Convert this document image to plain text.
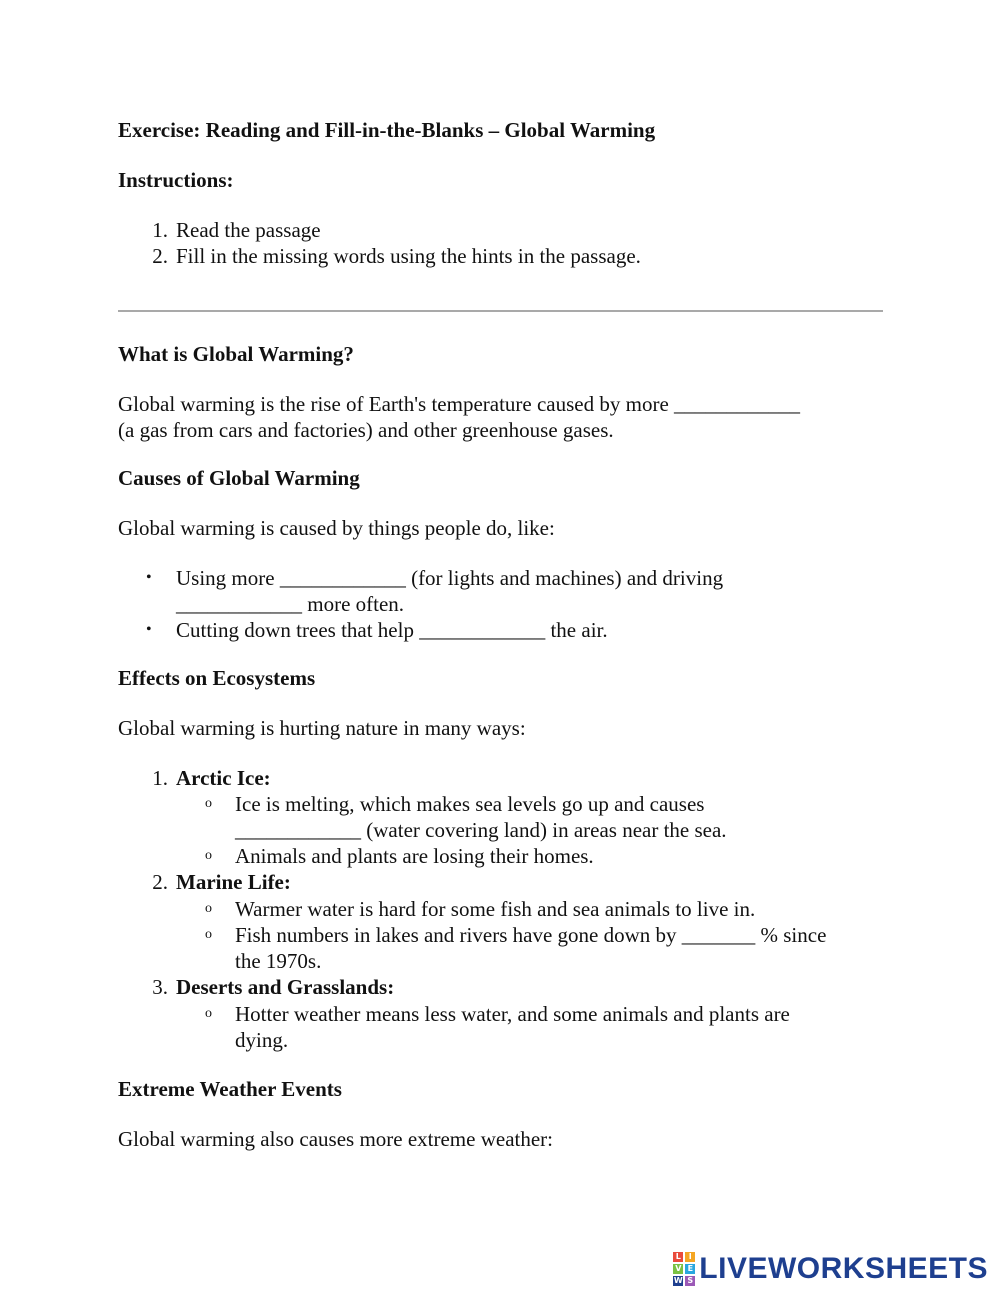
Exercise: Reading and Fill-in-the-Blanks – Global Warming
Instructions:
1. Read the passage
2. Fill in the missing words using the hints in the passage.
What is Global Warming?
Global warming is the rise of Earth's temperature caused by more ____________
(a gas from cars and factories) and other greenhouse gases.
Causes of Global Warming
Global warming is caused by things people do, like:
• Using more ____________ (for lights and machines) and driving
____________ more often.
• Cutting down trees that help ____________ the air.
Effects on Ecosystems
Global warming is hurting nature in many ways:
1. Arctic Ice:
o Ice is melting, which makes sea levels go up and causes
____________ (water covering land) in areas near the sea.
o Animals and plants are losing their homes.
2. Marine Life:
o Warmer water is hard for some fish and sea animals to live in.
o Fish numbers in lakes and rivers have gone down by _______ % since
the 1970s.
3. Deserts and Grasslands:
o Hotter weather means less water, and some animals and plants are
dying.
Extreme Weather Events
Global warming also causes more extreme weather:
L I
V E
W S LIVEWORKSHEETS
